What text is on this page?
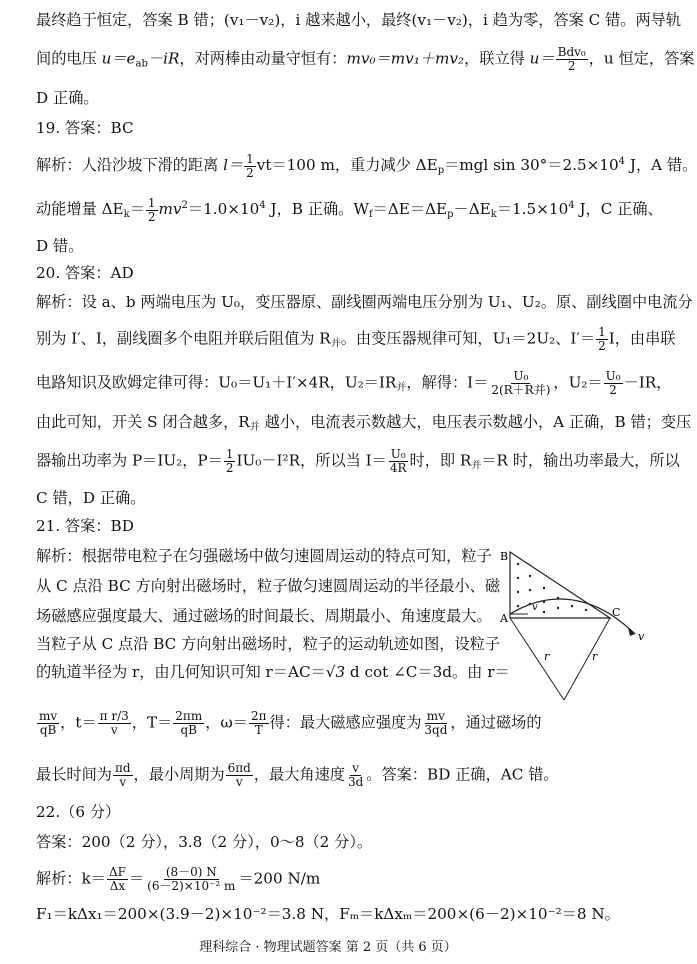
最终趋于恒定，答案 B 错；(v₁－v₂)，i 越来越小，最终(v₁－v₂)，i 趋为零，答案 C 错。两导轨
间的电压 $u=e_{ab}-iR$，对两棒由动量守恒有：mv₀＝mv₁＋mv₂，联立得 $u= \frac{\text{Bdv₀}}{2}$ ，u 恒定，答案
D 正确。
19. 答案：BC
解析：人沿沙坡下滑的距离 $l= \frac{1}{2} vt=100$ m，重力减少 $\Delta E_p=mgl$ $\sin 30^\circ=2.5\times 10^4$ J，A 错。
动能增量 $\Delta E_k= \frac{1}{2} mv^2=1.0\times 10^4$ J，B 正确。$W_f=\Delta E=\Delta E_p-\Delta E_k=1.5\times 10^4$ J，C 正确、
D 错。
20. 答案：AD
解析：设 a、b 两端电压为 U₀，变压器原、副线圈两端电压分别为 U₁、U₂。原、副线圈中电流分
别为 I′、I，副线圈多个电阻并联后阻值为 $R_并$。由变压器规律可知，U₁＝2U₂、$I'= \frac{1}{2}$ I，由串联
电路知识及欧姆定律可得：U₀＝U₁＋I′×4R，$U_2=IR_并$，解得：$I= \frac{\text{U₀}}{\text{2(R＋R并)}}$ ，$U_2= \frac{\text{U₀}}{2} -IR$，
由此可知，开关 S 闭合越多，$R_并$ 越小，电流表示数越大，电压表示数越小，A 正确，B 错；变压
器输出功率为 P＝IU₂，$P= \frac{1}{2} IU_0-I^2R$，所以当 $I= \frac{\text{U₀}}{4R}$ 时，即 $R_并=R$ 时，输出功率最大，所以
C 错，D 正确。
21. 答案：BD
解析：根据带电粒子在匀强磁场中做匀速圆周运动的特点可知，粒子
从 C 点沿 BC 方向射出磁场时，粒子做匀速圆周运动的半径最小、磁
场磁感应强度最大、通过磁场的时间最长、周期最小、角速度最大。
当粒子从 C 点沿 BC 方向射出磁场时，粒子的运动轨迹如图，设粒子
的轨道半径为 r，由几何知识可知 r＝AC＝√3 d cot ∠C＝3d。由 r＝
$\frac{mv}{qB}$ ，$t= \frac{\text{π r/3}}{v}$ ，$T= \frac{2\pi m}{qB}$ ，$\omega= \frac{2\pi}{T}$ 得：最大磁感应强度为 $\frac{mv}{3qd}$ ，通过磁场的
最长时间为 $\frac{\pi d}{v}$ ，最小周期为 $\frac{6\pi d}{v}$ ，最大角速度 $\frac{v}{3d}$ 。答案：BD 正确，AC 错。
B
A	C
v
v
r	r
22.（6 分）
答案：200（2 分），3.8（2 分），0～8（2 分）。
解析：$k= \frac{\Delta F}{\Delta x} = \frac{(8-0) N}{\text{(6－2)×10⁻² m}} =200$ N/m
F₁＝kΔx₁＝200×(3.9－2)×10⁻²＝3.8 N，Fₘ＝kΔxₘ＝200×(6－2)×10⁻²＝8 N。
理科综合 · 物理试题答案 第 2 页（共 6 页）
